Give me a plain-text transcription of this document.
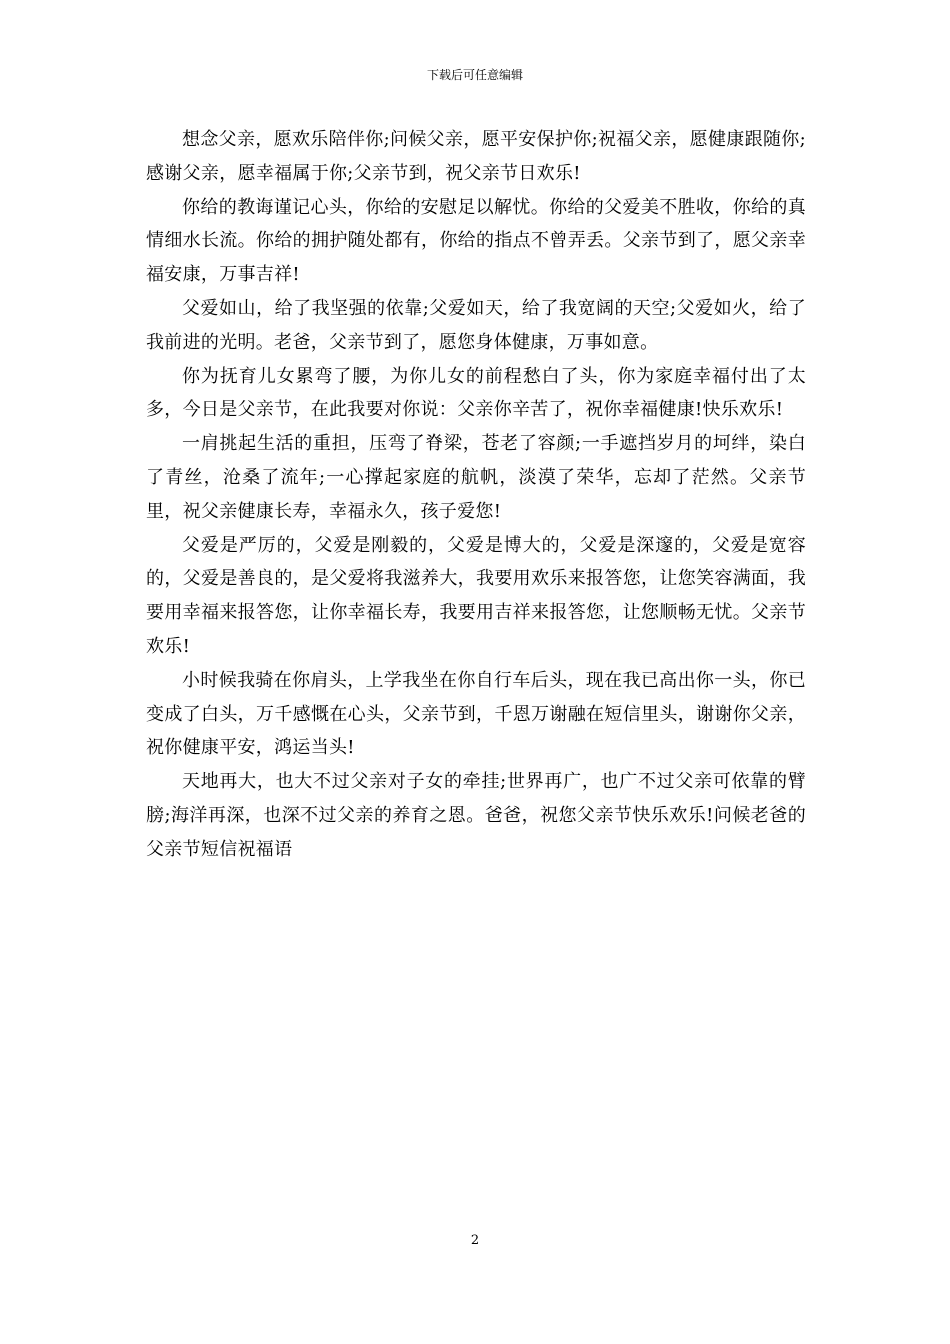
下载后可任意编辑

想念父亲，愿欢乐陪伴你;问候父亲，愿平安保护你;祝福父亲，愿健康跟随你;感谢父亲，愿幸福属于你;父亲节到，祝父亲节日欢乐!

你给的教诲谨记心头，你给的安慰足以解忧。你给的父爱美不胜收，你给的真情细水长流。你给的拥护随处都有，你给的指点不曾弄丢。父亲节到了，愿父亲幸福安康，万事吉祥!

父爱如山，给了我坚强的依靠;父爱如天，给了我宽阔的天空;父爱如火，给了我前进的光明。老爸，父亲节到了，愿您身体健康，万事如意。

你为抚育儿女累弯了腰，为你儿女的前程愁白了头，你为家庭幸福付出了太多，今日是父亲节，在此我要对你说：父亲你辛苦了，祝你幸福健康!快乐欢乐!

一肩挑起生活的重担，压弯了脊梁，苍老了容颜;一手遮挡岁月的坷绊，染白了青丝，沧桑了流年;一心撑起家庭的航帆，淡漠了荣华，忘却了茫然。父亲节里，祝父亲健康长寿，幸福永久，孩子爱您!

父爱是严厉的，父爱是刚毅的，父爱是博大的，父爱是深邃的，父爱是宽容的，父爱是善良的，是父爱将我滋养大，我要用欢乐来报答您，让您笑容满面，我要用幸福来报答您，让你幸福长寿，我要用吉祥来报答您，让您顺畅无忧。父亲节欢乐!

小时候我骑在你肩头，上学我坐在你自行车后头，现在我已高出你一头，你已变成了白头，万千感慨在心头，父亲节到，千恩万谢融在短信里头，谢谢你父亲，祝你健康平安，鸿运当头!

天地再大，也大不过父亲对子女的牵挂;世界再广，也广不过父亲可依靠的臂膀;海洋再深，也深不过父亲的养育之恩。爸爸，祝您父亲节快乐欢乐!问候老爸的父亲节短信祝福语

2
